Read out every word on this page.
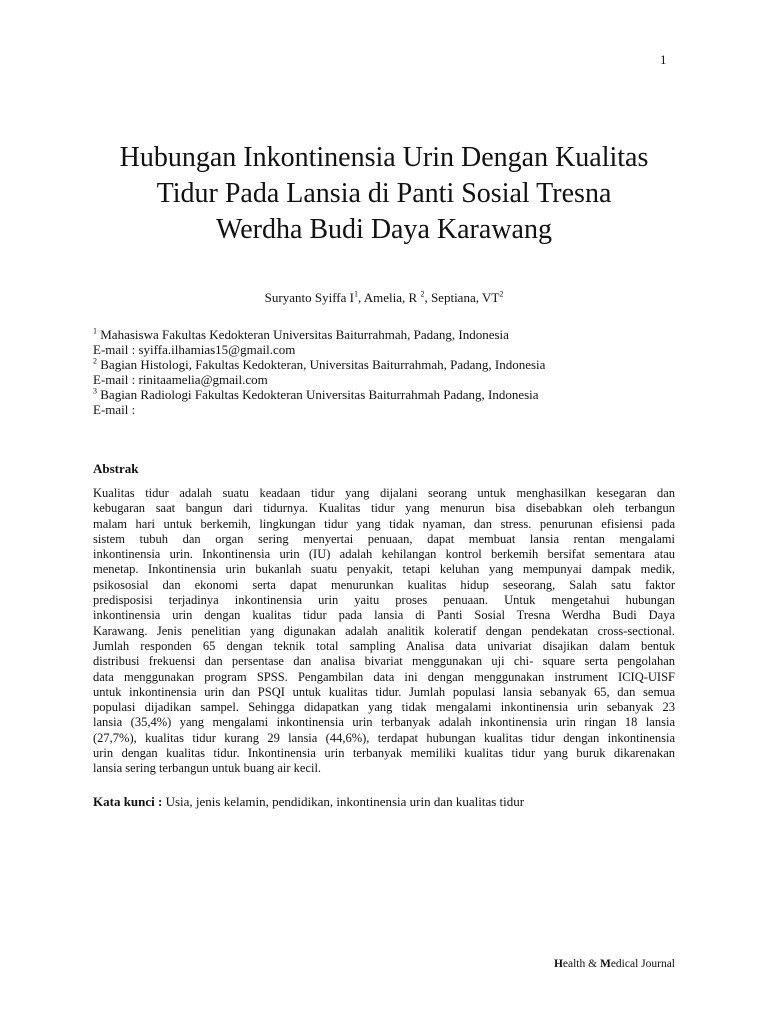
1
Hubungan Inkontinensia Urin Dengan Kualitas
Tidur Pada Lansia di Panti Sosial Tresna
Werdha Budi Daya Karawang
Suryanto Syiffa $I^1$, Amelia, R $^2$, Septiana, $VT^2$
$^1$ Mahasiswa Fakultas Kedokteran Universitas Baiturrahmah, Padang, Indonesia
E-mail : syiffa.ilhamias15@gmail.com
$^2$ Bagian Histologi, Fakultas Kedokteran, Universitas Baiturrahmah, Padang, Indonesia
E-mail : rinitaamelia@gmail.com
$^3$ Bagian Radiologi Fakultas Kedokteran Universitas Baiturrahmah Padang, Indonesia
E-mail :
Abstrak
Kualitas tidur adalah suatu keadaan tidur yang dijalani seorang untuk menghasilkan kesegaran dan
kebugaran saat bangun dari tidurnya. Kualitas tidur yang menurun bisa disebabkan oleh terbangun
malam hari untuk berkemih, lingkungan tidur yang tidak nyaman, dan stress. penurunan efisiensi pada
sistem tubuh dan organ sering menyertai penuaan, dapat membuat lansia rentan mengalami
inkontinensia urin. Inkontinensia urin (IU) adalah kehilangan kontrol berkemih bersifat sementara atau
menetap. Inkontinensia urin bukanlah suatu penyakit, tetapi keluhan yang mempunyai dampak medik,
psikososial dan ekonomi serta dapat menurunkan kualitas hidup seseorang, Salah satu faktor
predisposisi terjadinya inkontinensia urin yaitu proses penuaan. Untuk mengetahui hubungan
inkontinensia urin dengan kualitas tidur pada lansia di Panti Sosial Tresna Werdha Budi Daya
Karawang. Jenis penelitian yang digunakan adalah analitik koleratif dengan pendekatan cross-sectional.
Jumlah responden 65 dengan teknik total sampling Analisa data univariat disajikan dalam bentuk
distribusi frekuensi dan persentase dan analisa bivariat menggunakan uji chi- square serta pengolahan
data menggunakan program SPSS. Pengambilan data ini dengan menggunakan instrument ICIQ-UISF
untuk inkontinensia urin dan PSQI untuk kualitas tidur. Jumlah populasi lansia sebanyak 65, dan semua
populasi dijadikan sampel. Sehingga didapatkan yang tidak mengalami inkontinensia urin sebanyak 23
lansia (35,4%) yang mengalami inkontinensia urin terbanyak adalah inkontinensia urin ringan 18 lansia
(27,7%), kualitas tidur kurang 29 lansia (44,6%), terdapat hubungan kualitas tidur dengan inkontinensia
urin dengan kualitas tidur. Inkontinensia urin terbanyak memiliki kualitas tidur yang buruk dikarenakan
lansia sering terbangun untuk buang air kecil.
Kata kunci : Usia, jenis kelamin, pendidikan, inkontinensia urin dan kualitas tidur
Health & Medical Journal
